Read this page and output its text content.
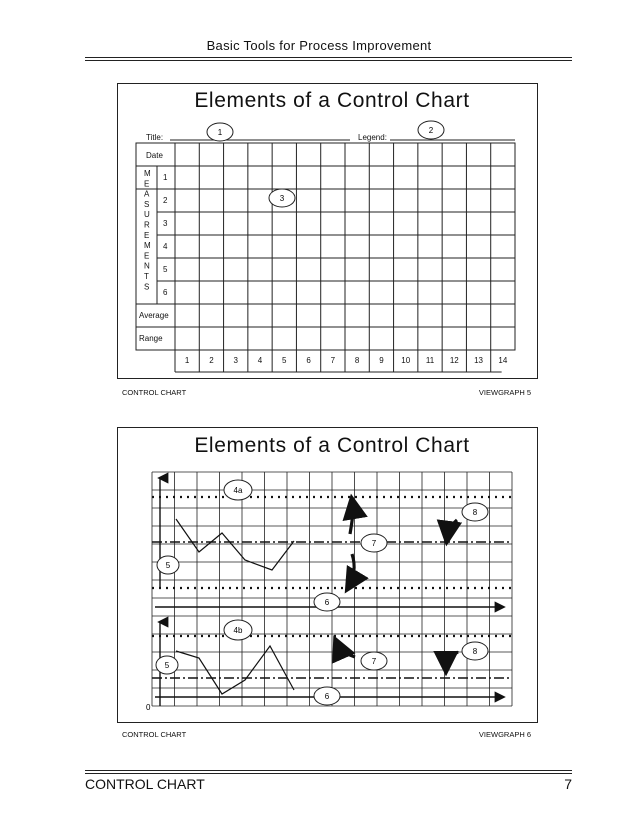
Basic Tools for Process Improvement
Elements of a Control Chart
Title:	Legend:
Date
M
E
A
S
U
R
E
M
E
N
T
S
1
2
3
4
5
6
Average
Range
1 2 3 4 5 6 7 8 9 10 11 12 13 14
1	2
3
CONTROL CHART	VIEWGRAPH 5
Elements of a Control Chart
4a
5
6
7
8
4b
5
6
7
8
0
CONTROL CHART	VIEWGRAPH 6
CONTROL CHART	7
